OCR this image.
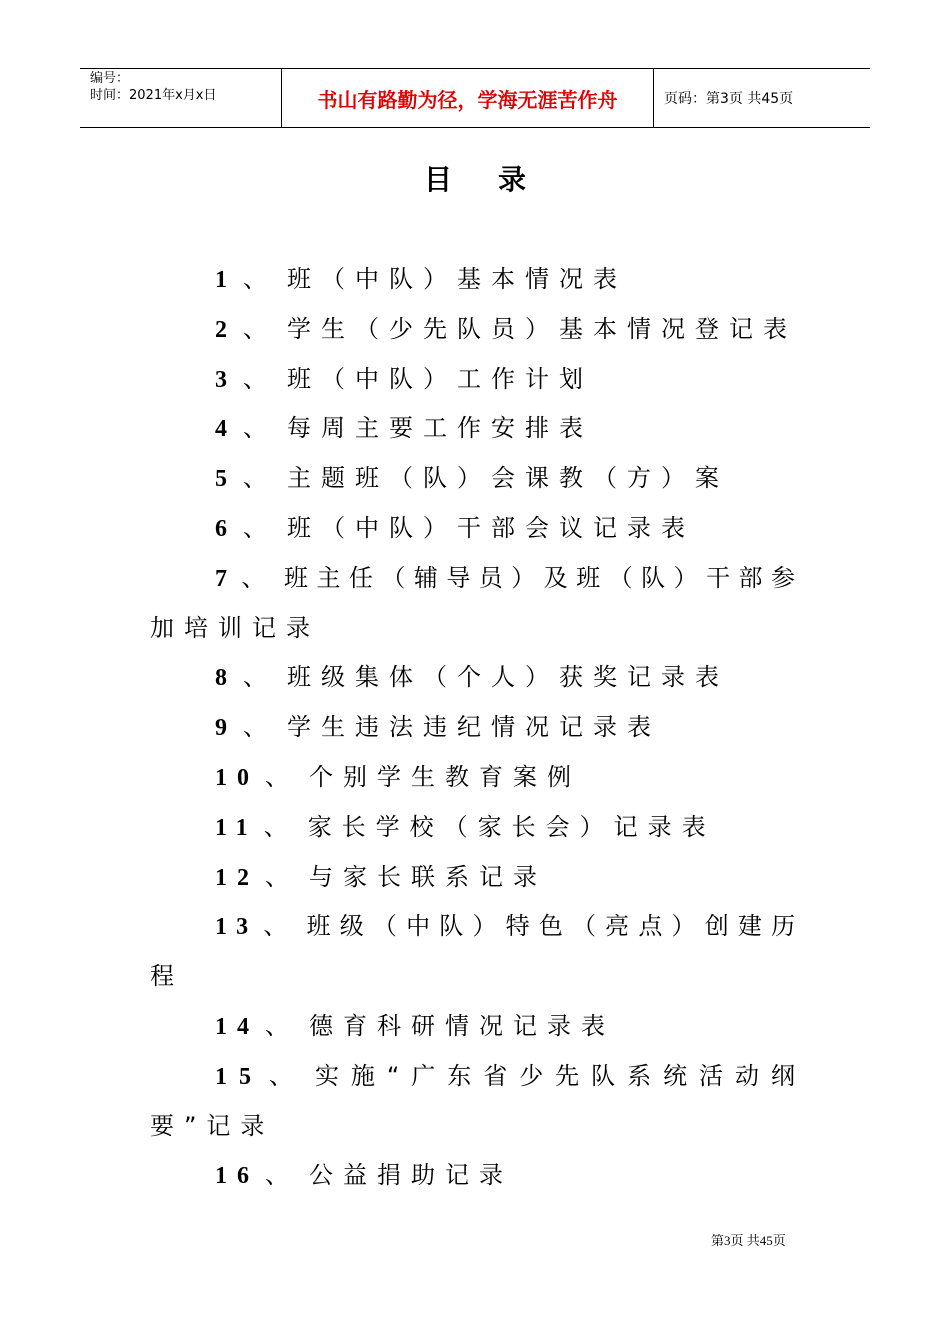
编号：
时间：2021年x月x日	书山有路勤为径，学海无涯苦作舟	页码：第3页 共45页
目录
1 、 班（中队）基本情况表
2 、 学生（少先队员）基本情况登记表
3 、 班（中队）工作计划
4 、 每周主要工作安排表
5 、 主题班（队）会课教（方）案
6 、 班（中队）干部会议记录表
7 、 班主任（辅导员）及班（队）干部参
加培训记录
8 、 班级集体（个人）获奖记录表
9 、 学生违法违纪情况记录表
10 、 个别学生教育案例
11 、 家长学校（家长会）记录表
12 、 与家长联系记录
13 、 班级（中队）特色（亮点）创建历
程
14 、 德育科研情况记录表
15 、 实施“广东省少先队系统活动纲
要”记录
16 、 公益捐助记录
第3页 共45页
